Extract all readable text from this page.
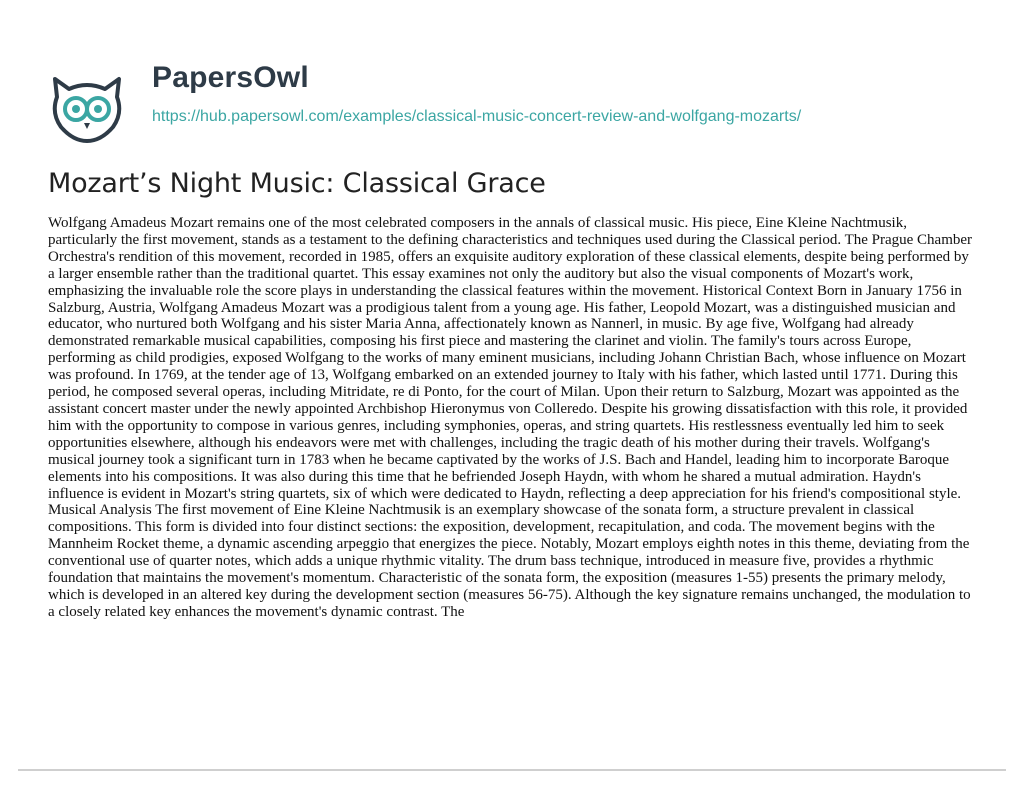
PapersOwl
https://hub.papersowl.com/examples/classical-music-concert-review-and-wolfgang-mozarts/
Mozart’s Night Music: Classical Grace

Wolfgang Amadeus Mozart remains one of the most celebrated composers in the annals of classical music. His piece, Eine Kleine Nachtmusik, particularly the first movement, stands as a testament to the defining characteristics and techniques used during the Classical period. The Prague Chamber Orchestra's rendition of this movement, recorded in 1985, offers an exquisite auditory exploration of these classical elements, despite being performed by a larger ensemble rather than the traditional quartet. This essay examines not only the auditory but also the visual components of Mozart's work, emphasizing the invaluable role the score plays in understanding the classical features within the movement. Historical Context Born in January 1756 in Salzburg, Austria, Wolfgang Amadeus Mozart was a prodigious talent from a young age. His father, Leopold Mozart, was a distinguished musician and educator, who nurtured both Wolfgang and his sister Maria Anna, affectionately known as Nannerl, in music. By age five, Wolfgang had already demonstrated remarkable musical capabilities, composing his first piece and mastering the clarinet and violin. The family's tours across Europe, performing as child prodigies, exposed Wolfgang to the works of many eminent musicians, including Johann Christian Bach, whose influence on Mozart was profound. In 1769, at the tender age of 13, Wolfgang embarked on an extended journey to Italy with his father, which lasted until 1771. During this period, he composed several operas, including Mitridate, re di Ponto, for the court of Milan. Upon their return to Salzburg, Mozart was appointed as the assistant concert master under the newly appointed Archbishop Hieronymus von Colleredo. Despite his growing dissatisfaction with this role, it provided him with the opportunity to compose in various genres, including symphonies, operas, and string quartets. His restlessness eventually led him to seek opportunities elsewhere, although his endeavors were met with challenges, including the tragic death of his mother during their travels. Wolfgang's musical journey took a significant turn in 1783 when he became captivated by the works of J.S. Bach and Handel, leading him to incorporate Baroque elements into his compositions. It was also during this time that he befriended Joseph Haydn, with whom he shared a mutual admiration. Haydn's influence is evident in Mozart's string quartets, six of which were dedicated to Haydn, reflecting a deep appreciation for his friend's compositional style. Musical Analysis The first movement of Eine Kleine Nachtmusik is an exemplary showcase of the sonata form, a structure prevalent in classical compositions. This form is divided into four distinct sections: the exposition, development, recapitulation, and coda. The movement begins with the Mannheim Rocket theme, a dynamic ascending arpeggio that energizes the piece. Notably, Mozart employs eighth notes in this theme, deviating from the conventional use of quarter notes, which adds a unique rhythmic vitality. The drum bass technique, introduced in measure five, provides a rhythmic foundation that maintains the movement's momentum. Characteristic of the sonata form, the exposition (measures 1-55) presents the primary melody, which is developed in an altered key during the development section (measures 56-75). Although the key signature remains unchanged, the modulation to a closely related key enhances the movement's dynamic contrast. The
